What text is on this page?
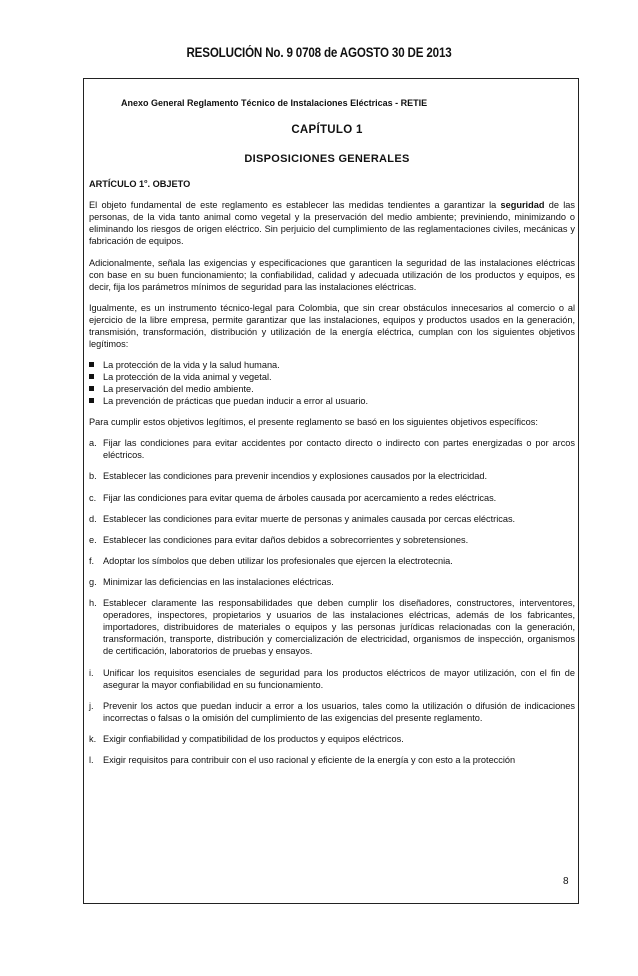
RESOLUCIÓN No. 9 0708 de AGOSTO 30 DE 2013
Anexo General Reglamento Técnico de Instalaciones Eléctricas - RETIE
CAPÍTULO 1
DISPOSICIONES GENERALES
ARTÍCULO 1$^o$. OBJETO

El objeto fundamental de este reglamento es establecer las medidas tendientes a garantizar la seguridad de las personas, de la vida tanto animal como vegetal y la preservación del medio ambiente; previniendo, minimizando o eliminando los riesgos de origen eléctrico. Sin perjuicio del cumplimiento de las reglamentaciones civiles, mecánicas y fabricación de equipos.

Adicionalmente, señala las exigencias y especificaciones que garanticen la seguridad de las instalaciones eléctricas con base en su buen funcionamiento; la confiabilidad, calidad y adecuada utilización de los productos y equipos, es decir, fija los parámetros mínimos de seguridad para las instalaciones eléctricas.

Igualmente, es un instrumento técnico-legal para Colombia, que sin crear obstáculos innecesarios al comercio o al ejercicio de la libre empresa, permite garantizar que las instalaciones, equipos y productos usados en la generación, transmisión, transformación, distribución y utilización de la energía eléctrica, cumplan con los siguientes objetivos legítimos:

La protección de la vida y la salud humana.
La protección de la vida animal y vegetal.
La preservación del medio ambiente.
La prevención de prácticas que puedan inducir a error al usuario.

Para cumplir estos objetivos legítimos, el presente reglamento se basó en los siguientes objetivos específicos:

a. Fijar las condiciones para evitar accidentes por contacto directo o indirecto con partes energizadas o por arcos eléctricos.
b. Establecer las condiciones para prevenir incendios y explosiones causados por la electricidad.
c. Fijar las condiciones para evitar quema de árboles causada por acercamiento a redes eléctricas.
d. Establecer las condiciones para evitar muerte de personas y animales causada por cercas eléctricas.
e. Establecer las condiciones para evitar daños debidos a sobrecorrientes y sobretensiones.
f. Adoptar los símbolos que deben utilizar los profesionales que ejercen la electrotecnia.
g. Minimizar las deficiencias en las instalaciones eléctricas.
h. Establecer claramente las responsabilidades que deben cumplir los diseñadores, constructores, interventores, operadores, inspectores, propietarios y usuarios de las instalaciones eléctricas, además de los fabricantes, importadores, distribuidores de materiales o equipos y las personas jurídicas relacionadas con la generación, transformación, transporte, distribución y comercialización de electricidad, organismos de inspección, organismos de certificación, laboratorios de pruebas y ensayos.
i.	Unificar los requisitos esenciales de seguridad para los productos eléctricos de mayor utilización, con el fin de asegurar la mayor confiabilidad en su funcionamiento.
j.	Prevenir los actos que puedan inducir a error a los usuarios, tales como la utilización o difusión de indicaciones incorrectas o falsas o la omisión del cumplimiento de las exigencias del presente reglamento.
k. Exigir confiabilidad y compatibilidad de los productos y equipos eléctricos.
l.	Exigir requisitos para contribuir con el uso racional y eficiente de la energía y con esto a la protección
8
